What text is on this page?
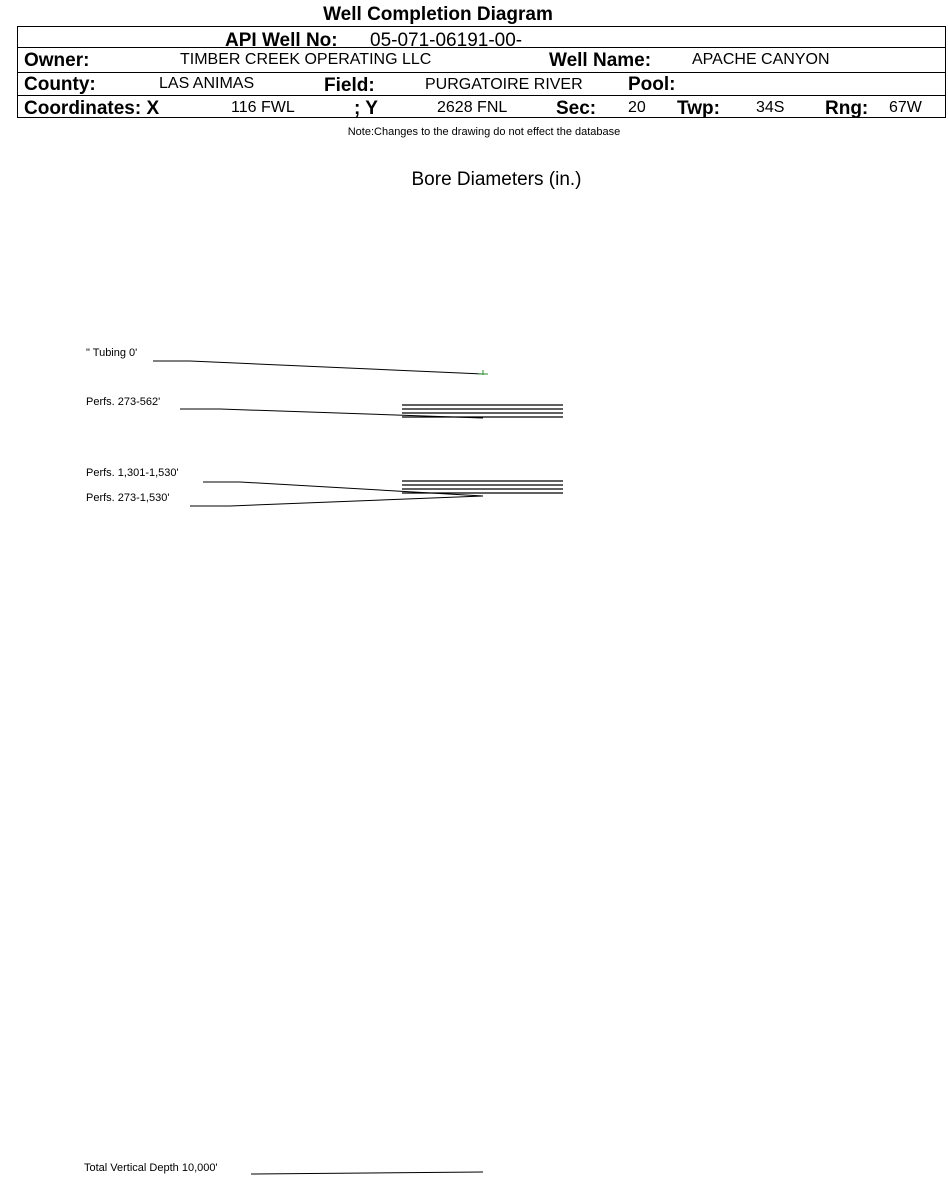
Well Completion Diagram
API Well No: 05-071-06191-00-
Owner:	TIMBER CREEK OPERATING LLC	Well Name:	APACHE CANYON
County:	LAS ANIMAS	Field:	PURGATOIRE RIVER Pool:
Coordinates: X	116 FWL	; Y	2628 FNL	Sec: 20 Twp: 34S Rng: 67W
Note:Changes to the drawing do not effect the database
Bore Diameters (in.)
" Tubing 0'
Perfs. 273-562'
Perfs. 1,301-1,530'
Perfs. 273-1,530'
Total Vertical Depth 10,000'
